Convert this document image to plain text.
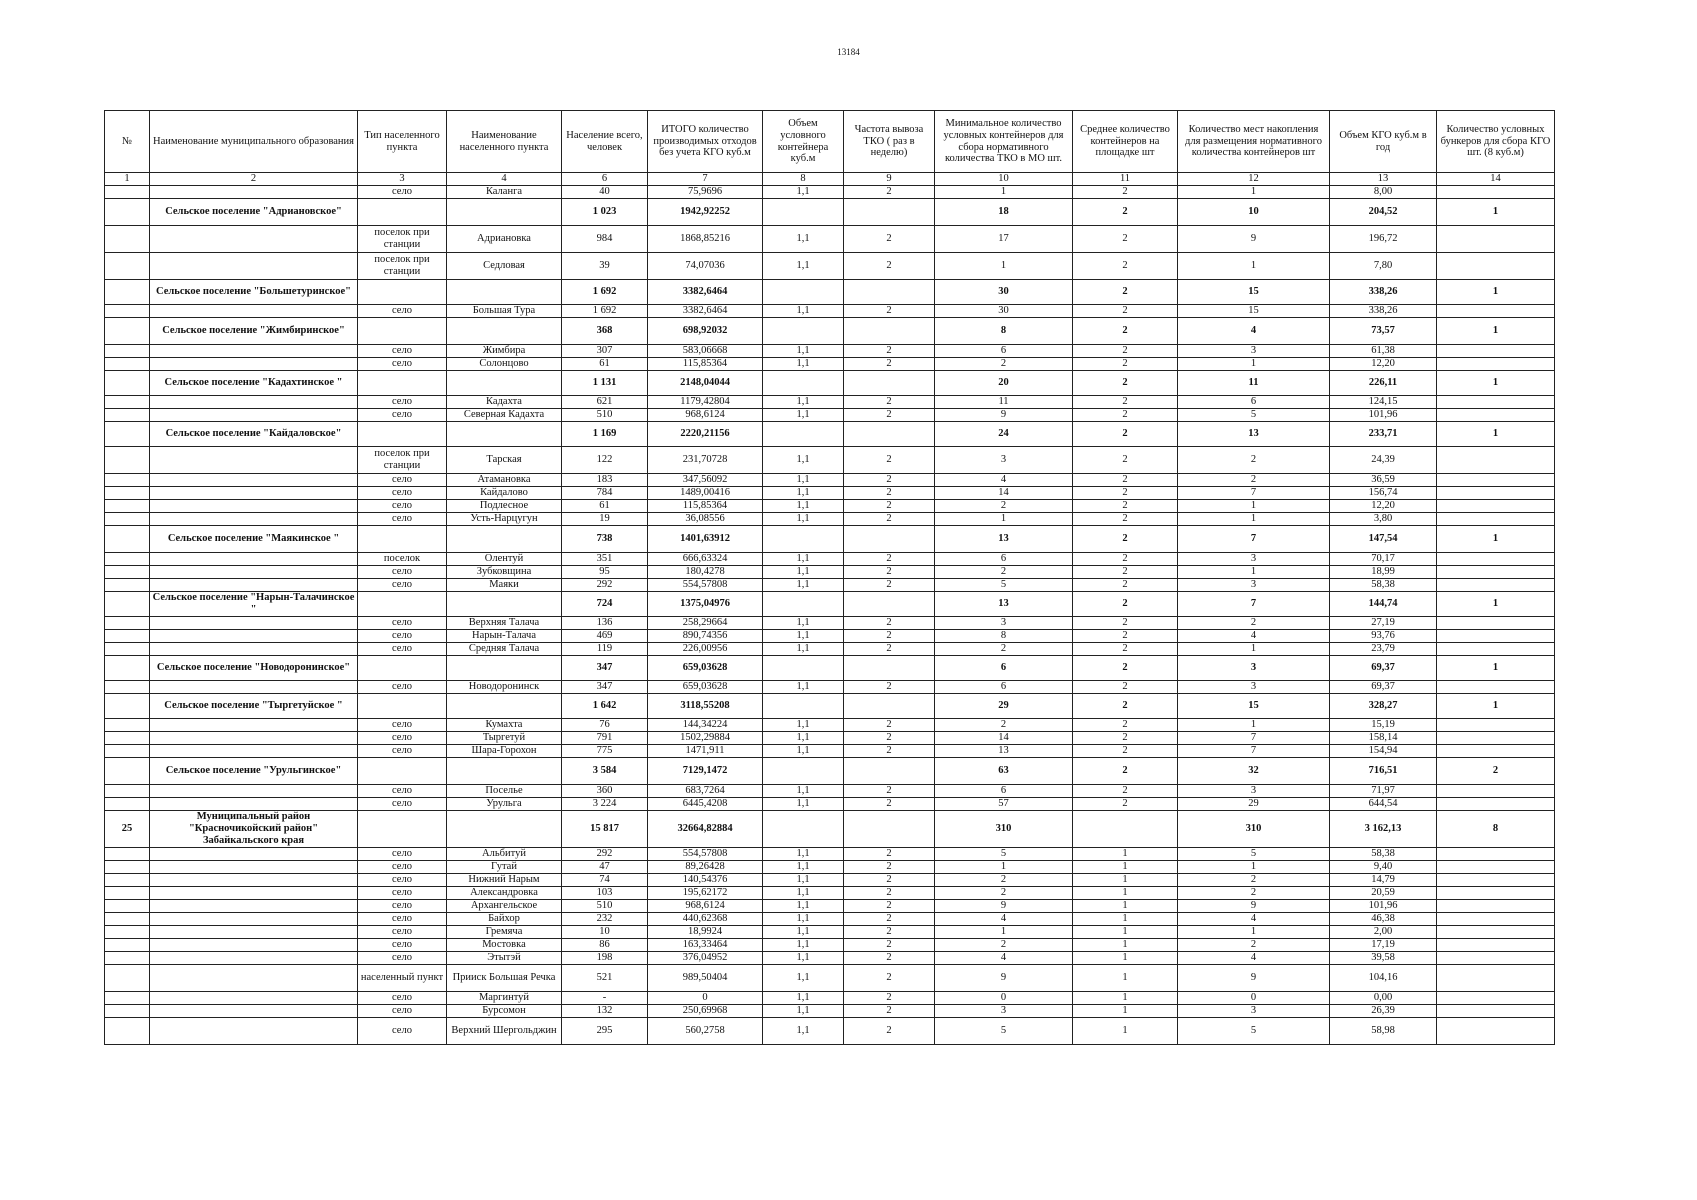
13184
№	Наименование муниципального образования	Тип населенного пункта	Наименование населенного пункта	Население всего, человек	ИТОГО количество производимых отходов без учета КГО куб.м	Объем условного контейнера куб.м	Частота вывоза ТКО ( раз в неделю)	Минимальное количество условных контейнеров для сбора нормативного количества ТКО в МО шт.	Среднее количество контейнеров на площадке шт	Количество мест накопления для размещения нормативного количества контейнеров шт	Объем КГО куб.м в год	Количество условных бункеров для сбора КГО шт. (8 куб.м)
1	2	3	4	6	7	8	9	10	11	12	13	14
		село	Каланга	40	75,9696	1,1	2	1	2	1	8,00	
	Сельское поселение "Адриановское"			1 023	1942,92252			18	2	10	204,52	1
		поселок при станции	Адриановка	984	1868,85216	1,1	2	17	2	9	196,72	
		поселок при станции	Седловая	39	74,07036	1,1	2	1	2	1	7,80	
	Сельское поселение "Большетуринское"			1 692	3382,6464			30	2	15	338,26	1
		село	Большая Тура	1 692	3382,6464	1,1	2	30	2	15	338,26	
	Сельское поселение "Жимбиринское"			368	698,92032			8	2	4	73,57	1
		село	Жимбира	307	583,06668	1,1	2	6	2	3	61,38	
		село	Солонцово	61	115,85364	1,1	2	2	2	1	12,20	
	Сельское поселение "Кадахтинское "			1 131	2148,04044			20	2	11	226,11	1
		село	Кадахта	621	1179,42804	1,1	2	11	2	6	124,15	
		село	Северная Кадахта	510	968,6124	1,1	2	9	2	5	101,96	
	Сельское поселение "Кайдаловское"			1 169	2220,21156			24	2	13	233,71	1
		поселок при станции	Тарская	122	231,70728	1,1	2	3	2	2	24,39	
		село	Атамановка	183	347,56092	1,1	2	4	2	2	36,59	
		село	Кайдалово	784	1489,00416	1,1	2	14	2	7	156,74	
		село	Подлесное	61	115,85364	1,1	2	2	2	1	12,20	
		село	Усть-Нарцугун	19	36,08556	1,1	2	1	2	1	3,80	
	Сельское поселение "Маякинское "			738	1401,63912			13	2	7	147,54	1
		поселок	Олентуй	351	666,63324	1,1	2	6	2	3	70,17	
		село	Зубковщина	95	180,4278	1,1	2	2	2	1	18,99	
		село	Маяки	292	554,57808	1,1	2	5	2	3	58,38	
	Сельское поселение "Нарын-Талачинское "			724	1375,04976			13	2	7	144,74	1
		село	Верхняя Талача	136	258,29664	1,1	2	3	2	2	27,19	
		село	Нарын-Талача	469	890,74356	1,1	2	8	2	4	93,76	
		село	Средняя Талача	119	226,00956	1,1	2	2	2	1	23,79	
	Сельское поселение "Новодоронинское"			347	659,03628			6	2	3	69,37	1
		село	Новодоронинск	347	659,03628	1,1	2	6	2	3	69,37	
	Сельское поселение "Тыргетуйское "			1 642	3118,55208			29	2	15	328,27	1
		село	Кумахта	76	144,34224	1,1	2	2	2	1	15,19	
		село	Тыргетуй	791	1502,29884	1,1	2	14	2	7	158,14	
		село	Шара-Горохон	775	1471,911	1,1	2	13	2	7	154,94	
	Сельское поселение "Урульгинское"			3 584	7129,1472			63	2	32	716,51	2
		село	Поселье	360	683,7264	1,1	2	6	2	3	71,97	
		село	Урульга	3 224	6445,4208	1,1	2	57	2	29	644,54	
25	Муниципальный район "Красночикойский район" Забайкальского края			15 817	32664,82884			310		310	3 162,13	8
		село	Альбитуй	292	554,57808	1,1	2	5	1	5	58,38	
		село	Гутай	47	89,26428	1,1	2	1	1	1	9,40	
		село	Нижний Нарым	74	140,54376	1,1	2	2	1	2	14,79	
		село	Александровка	103	195,62172	1,1	2	2	1	2	20,59	
		село	Архангельское	510	968,6124	1,1	2	9	1	9	101,96	
		село	Байхор	232	440,62368	1,1	2	4	1	4	46,38	
		село	Гремяча	10	18,9924	1,1	2	1	1	1	2,00	
		село	Мостовка	86	163,33464	1,1	2	2	1	2	17,19	
		село	Этытэй	198	376,04952	1,1	2	4	1	4	39,58	
		населенный пункт	Прииск Большая Речка	521	989,50404	1,1	2	9	1	9	104,16	
		село	Маргинтуй	-	0	1,1	2	0	1	0	0,00	
		село	Бурсомон	132	250,69968	1,1	2	3	1	3	26,39	
		село	Верхний Шергольджин	295	560,2758	1,1	2	5	1	5	58,98	
